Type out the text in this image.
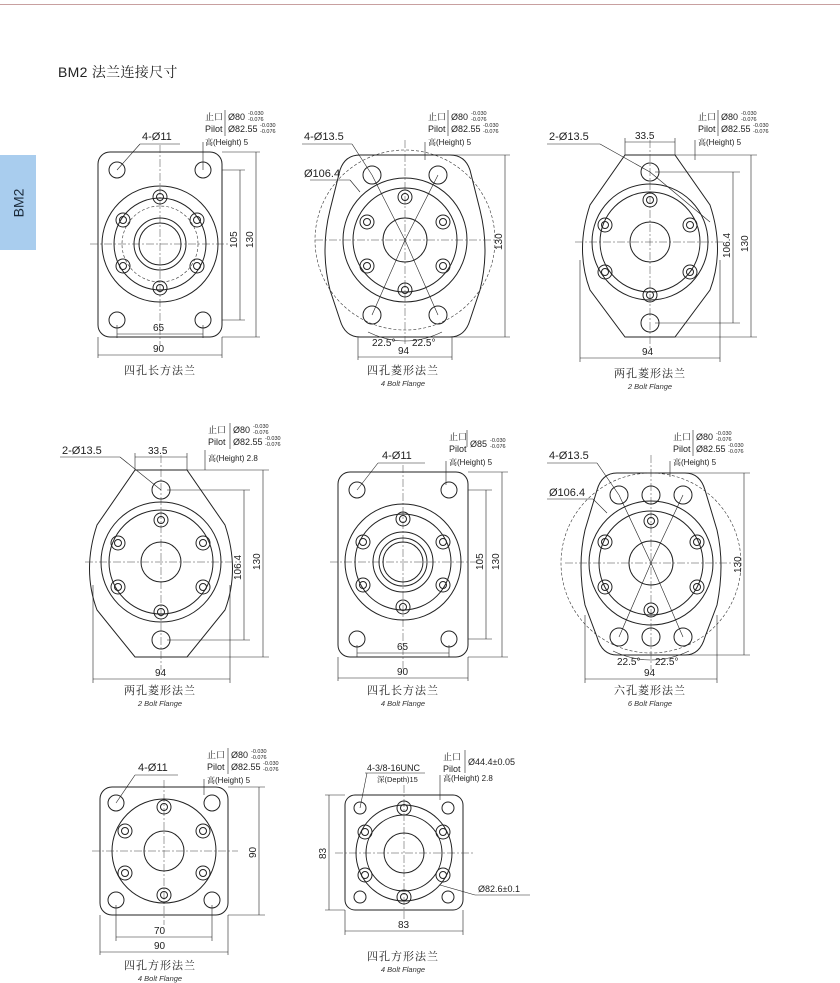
BM2 法兰连接尺寸
BM2
4-Ø11
止口
Pilot
Ø80 -0.030
-0.076
Ø82.55 -0.030
-0.076
高(Height) 5
105 130
65
90
四孔长方法兰
4-Ø13.5
Ø106.4
止口
Pilot
Ø80 -0.030
-0.076
Ø82.55 -0.030
-0.076
高(Height) 5
130
22.5° 22.5°
94
四孔菱形法兰
4 Bolt Flange
2-Ø13.5	33.5
止口
Pilot
Ø80 -0.030
-0.076
Ø82.55 -0.030
-0.076
高(Height) 5
106.4 130
94
两孔菱形法兰
2 Bolt Flange
2-Ø13.5	33.5
止口
Pilot
Ø80 -0.030
-0.076
Ø82.55 -0.030
-0.076
高(Height) 2.8
106.4 130
94
两孔菱形法兰
2 Bolt Flange
4-Ø11
止口
Pilot Ø85 -0.030
-0.076
高(Height) 5
105 130
65
90
四孔长方法兰
4 Bolt Flange
4-Ø13.5
Ø106.4
止口
Pilot
Ø80 -0.030
-0.076
Ø82.55 -0.030
-0.076
高(Height) 5
130
22.5° 22.5°
94
六孔菱形法兰
6 Bolt Flange
4-Ø11
止口
Pilot
Ø80 -0.030
-0.076
Ø82.55 -0.030
-0.076
高(Height) 5
90
70
90
四孔方形法兰
4 Bolt Flange
4-3/8-16UNC
深(Depth)15
止口
Pilot
Ø44.4±0.05
高(Height) 2.8
Ø82.6±0.1
83
83
四孔方形法兰
4 Bolt Flange
